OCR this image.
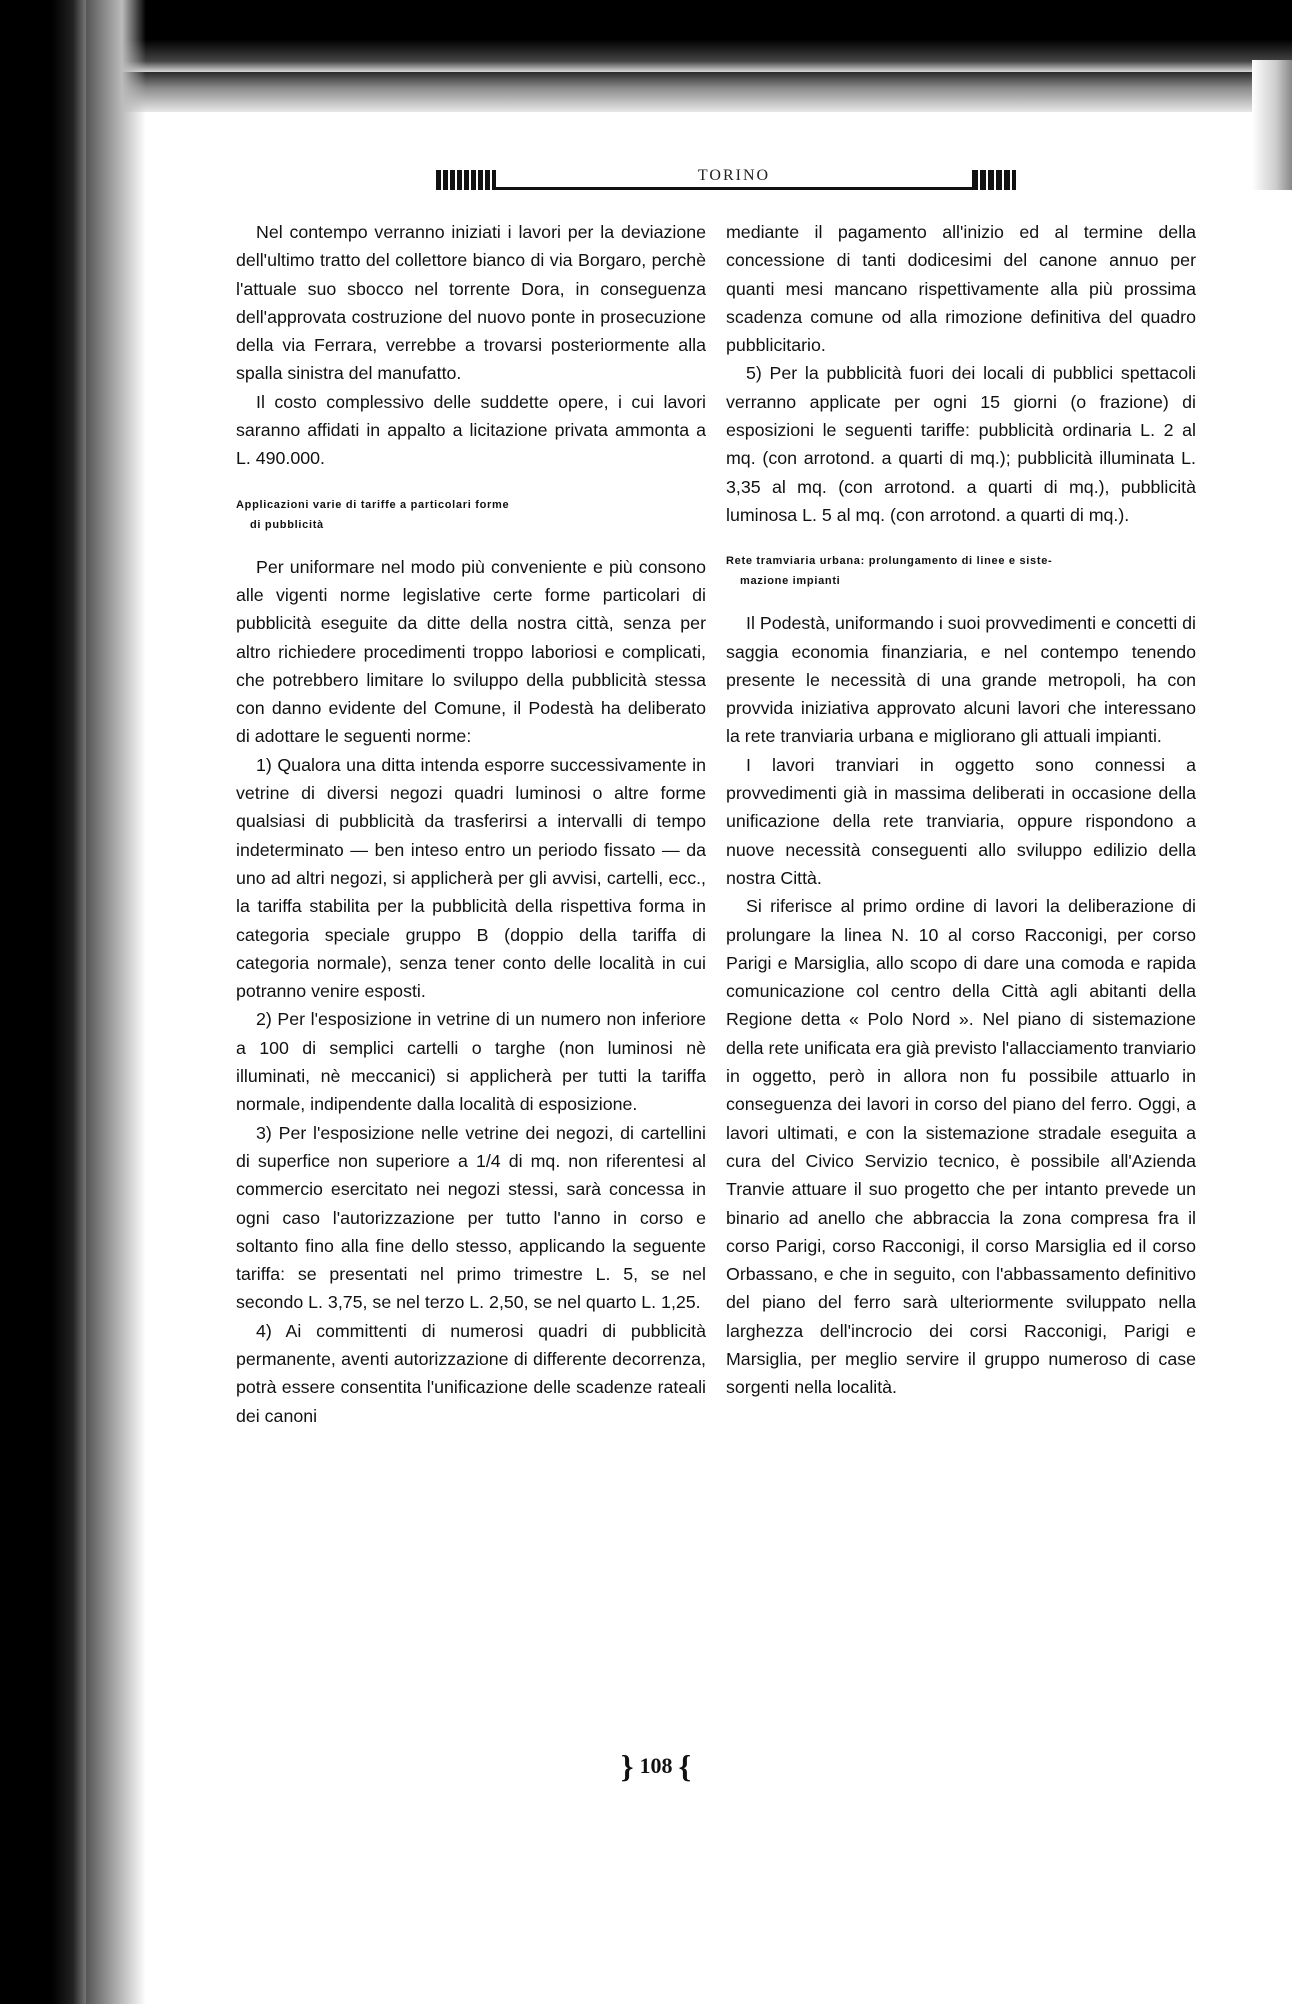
TORINO

Nel contempo verranno iniziati i lavori per la deviazione dell'ultimo tratto del collettore bianco di via Borgaro, perchè l'attuale suo sbocco nel torrente Dora, in conseguenza dell'approvata costruzione del nuovo ponte in prosecuzione della via Ferrara, verrebbe a trovarsi posteriormente alla spalla sinistra del manufatto.

Il costo complessivo delle suddette opere, i cui lavori saranno affidati in appalto a licitazione privata ammonta a L. 490.000.

Applicazioni varie di tariffe a particolari forme
di pubblicità

Per uniformare nel modo più conveniente e più consono alle vigenti norme legislative certe forme particolari di pubblicità eseguite da ditte della nostra città, senza per altro richiedere procedimenti troppo laboriosi e complicati, che potrebbero limitare lo sviluppo della pubblicità stessa con danno evidente del Comune, il Podestà ha deliberato di adottare le seguenti norme:

1) Qualora una ditta intenda esporre successivamente in vetrine di diversi negozi quadri luminosi o altre forme qualsiasi di pubblicità da trasferirsi a intervalli di tempo indeterminato — ben inteso entro un periodo fissato — da uno ad altri negozi, si applicherà per gli avvisi, cartelli, ecc., la tariffa stabilita per la pubblicità della rispettiva forma in categoria speciale gruppo B (doppio della tariffa di categoria normale), senza tener conto delle località in cui potranno venire esposti.

2) Per l'esposizione in vetrine di un numero non inferiore a 100 di semplici cartelli o targhe (non luminosi nè illuminati, nè meccanici) si applicherà per tutti la tariffa normale, indipendente dalla località di esposizione.

3) Per l'esposizione nelle vetrine dei negozi, di cartellini di superfice non superiore a 1/4 di mq. non riferentesi al commercio esercitato nei negozi stessi, sarà concessa in ogni caso l'autorizzazione per tutto l'anno in corso e soltanto fino alla fine dello stesso, applicando la seguente tariffa: se presentati nel primo trimestre L. 5, se nel secondo L. 3,75, se nel terzo L. 2,50, se nel quarto L. 1,25.

4) Ai committenti di numerosi quadri di pubblicità permanente, aventi autorizzazione di differente decorrenza, potrà essere consentita l'unificazione delle scadenze rateali dei canoni

mediante il pagamento all'inizio ed al termine della concessione di tanti dodicesimi del canone annuo per quanti mesi mancano rispettivamente alla più prossima scadenza comune od alla rimozione definitiva del quadro pubblicitario.

5) Per la pubblicità fuori dei locali di pubblici spettacoli verranno applicate per ogni 15 giorni (o frazione) di esposizioni le seguenti tariffe: pubblicità ordinaria L. 2 al mq. (con arrotond. a quarti di mq.); pubblicità illuminata L. 3,35 al mq. (con arrotond. a quarti di mq.), pubblicità luminosa L. 5 al mq. (con arrotond. a quarti di mq.).

Rete tramviaria urbana: prolungamento di linee e siste-
mazione impianti

Il Podestà, uniformando i suoi provvedimenti e concetti di saggia economia finanziaria, e nel contempo tenendo presente le necessità di una grande metropoli, ha con provvida iniziativa approvato alcuni lavori che interessano la rete tranviaria urbana e migliorano gli attuali impianti.

I lavori tranviari in oggetto sono connessi a provvedimenti già in massima deliberati in occasione della unificazione della rete tranviaria, oppure rispondono a nuove necessità conseguenti allo sviluppo edilizio della nostra Città.

Si riferisce al primo ordine di lavori la deliberazione di prolungare la linea N. 10 al corso Racconigi, per corso Parigi e Marsiglia, allo scopo di dare una comoda e rapida comunicazione col centro della Città agli abitanti della Regione detta « Polo Nord ». Nel piano di sistemazione della rete unificata era già previsto l'allacciamento tranviario in oggetto, però in allora non fu possibile attuarlo in conseguenza dei lavori in corso del piano del ferro. Oggi, a lavori ultimati, e con la sistemazione stradale eseguita a cura del Civico Servizio tecnico, è possibile all'Azienda Tranvie attuare il suo progetto che per intanto prevede un binario ad anello che abbraccia la zona compresa fra il corso Parigi, corso Racconigi, il corso Marsiglia ed il corso Orbassano, e che in seguito, con l'abbassamento definitivo del piano del ferro sarà ulteriormente sviluppato nella larghezza dell'incrocio dei corsi Racconigi, Parigi e Marsiglia, per meglio servire il gruppo numeroso di case sorgenti nella località.

} 108 {
